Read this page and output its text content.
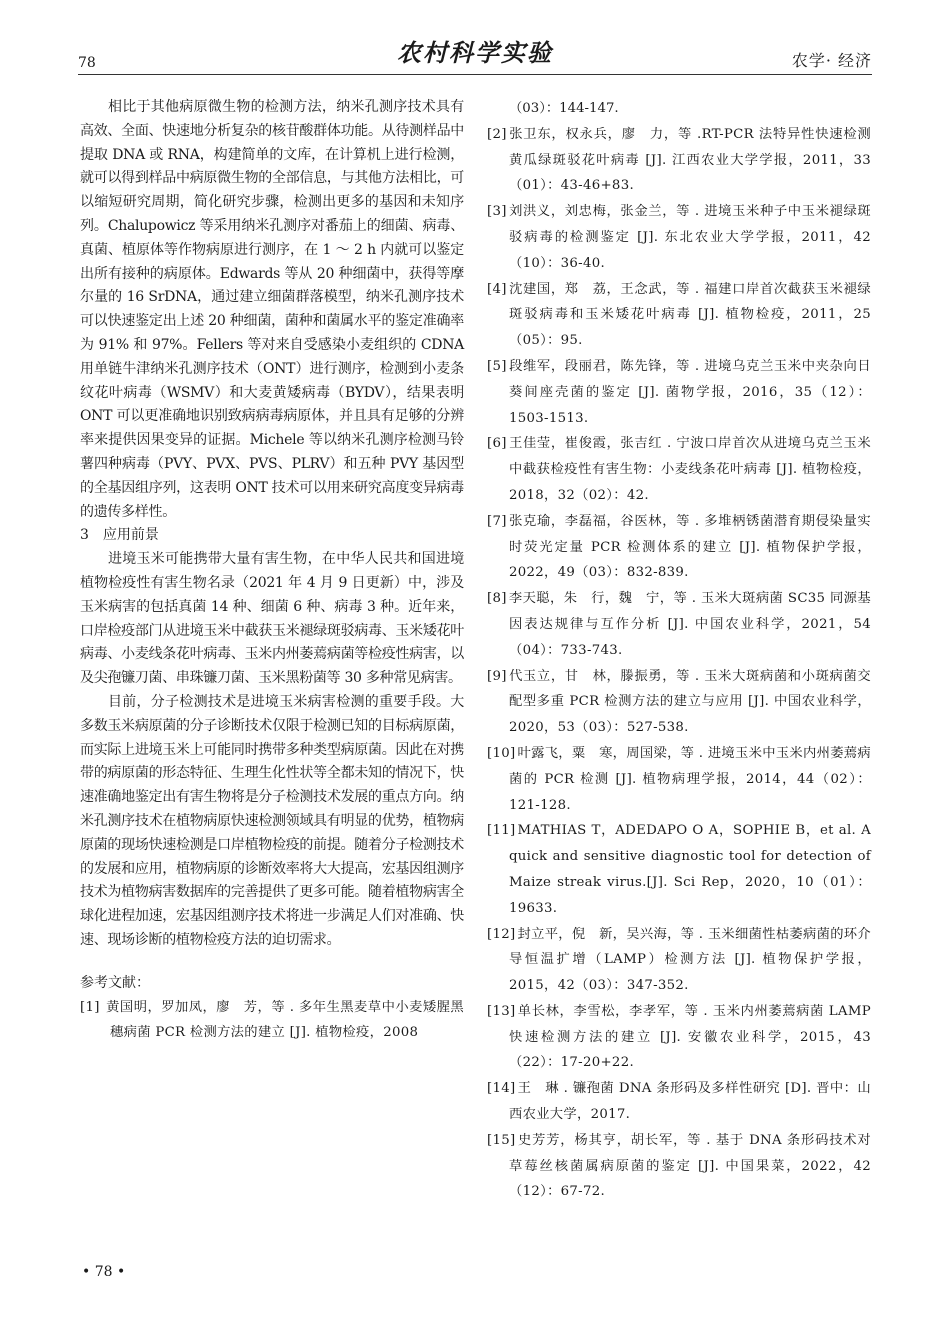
78	农村科学实验	农学· 经济

相比于其他病原微生物的检测方法，纳米孔测序技术具有高效、全面、快速地分析复杂的核苷酸群体功能。从待测样品中提取 DNA 或 RNA，构建简单的文库，在计算机上进行检测，就可以得到样品中病原微生物的全部信息，与其他方法相比，可以缩短研究周期，简化研究步骤，检测出更多的基因和未知序列。Chalupowicz 等采用纳米孔测序对番茄上的细菌、病毒、真菌、植原体等作物病原进行测序，在 1 ～ 2 h 内就可以鉴定出所有接种的病原体。Edwards 等从 20 种细菌中，获得等摩尔量的 16 SrDNA，通过建立细菌群落模型，纳米孔测序技术可以快速鉴定出上述 20 种细菌，菌种和菌属水平的鉴定准确率为 91% 和 97%。Fellers 等对来自受感染小麦组织的 CDNA 用单链牛津纳米孔测序技术（ONT）进行测序，检测到小麦条纹花叶病毒（WSMV）和大麦黄矮病毒（BYDV），结果表明 ONT 可以更准确地识别致病病毒病原体，并且具有足够的分辨率来提供因果变异的证据。Michele 等以纳米孔测序检测马铃薯四种病毒（PVY、PVX、PVS、PLRV）和五种 PVY 基因型的全基因组序列，这表明 ONT 技术可以用来研究高度变异病毒的遗传多样性。

3　应用前景

进境玉米可能携带大量有害生物，在中华人民共和国进境植物检疫性有害生物名录（2021 年 4 月 9 日更新）中，涉及玉米病害的包括真菌 14 种、细菌 6 种、病毒 3 种。近年来，口岸检疫部门从进境玉米中截获玉米褪绿斑驳病毒、玉米矮花叶病毒、小麦线条花叶病毒、玉米内州萎蔫病菌等检疫性病害，以及尖孢镰刀菌、串珠镰刀菌、玉米黑粉菌等 30 多种常见病害。

目前，分子检测技术是进境玉米病害检测的重要手段。大多数玉米病原菌的分子诊断技术仅限于检测已知的目标病原菌，而实际上进境玉米上可能同时携带多种类型病原菌。因此在对携带的病原菌的形态特征、生理生化性状等全都未知的情况下，快速准确地鉴定出有害生物将是分子检测技术发展的重点方向。纳米孔测序技术在植物病原快速检测领域具有明显的优势，植物病原菌的现场快速检测是口岸植物检疫的前提。随着分子检测技术的发展和应用，植物病原的诊断效率将大大提高，宏基因组测序技术为植物病害数据库的完善提供了更多可能。随着植物病害全球化进程加速，宏基因组测序技术将进一步满足人们对准确、快速、现场诊断的植物检疫方法的迫切需求。

参考文献：

[1] 黄国明，罗加凤，廖　芳，等 . 多年生黑麦草中小麦矮腥黑穗病菌 PCR 检测方法的建立 [J]. 植物检疫，2008

（03）：144-147.

[2] 张卫东，权永兵，廖　力，等 .RT-PCR 法特异性快速检测黄瓜绿斑驳花叶病毒 [J]. 江西农业大学学报，2011，33（01）：43-46+83.

[3] 刘洪义，刘忠梅，张金兰，等 . 进境玉米种子中玉米褪绿斑驳病毒的检测鉴定 [J]. 东北农业大学学报，2011，42（10）：36-40.

[4] 沈建国，郑　荔，王念武，等 . 福建口岸首次截获玉米褪绿斑驳病毒和玉米矮花叶病毒 [J]. 植物检疫，2011，25（05）：95.

[5] 段维军，段丽君，陈先锋，等 . 进境乌克兰玉米中夹杂向日葵间座壳菌的鉴定 [J]. 菌物学报，2016，35（12）：1503-1513.

[6] 王佳莹，崔俊霞，张吉红 . 宁波口岸首次从进境乌克兰玉米中截获检疫性有害生物：小麦线条花叶病毒 [J]. 植物检疫，2018，32（02）：42.

[7] 张克瑜，李磊福，谷医林，等 . 多堆柄锈菌潜育期侵染量实时荧光定量 PCR 检测体系的建立 [J]. 植物保护学报，2022，49（03）：832-839.

[8] 李天聪，朱　行，魏　宁，等 . 玉米大斑病菌 SC35 同源基因表达规律与互作分析 [J]. 中国农业科学，2021，54（04）：733-743.

[9] 代玉立，甘　林，滕振勇，等 . 玉米大斑病菌和小斑病菌交配型多重 PCR 检测方法的建立与应用 [J]. 中国农业科学，2020，53（03）：527-538.

[10] 叶露飞，粟　寒，周国梁，等 . 进境玉米中玉米内州萎蔫病菌的 PCR 检测 [J]. 植物病理学报，2014，44（02）：121-128.

[11] MATHIAS T，ADEDAPO O A，SOPHIE B，et al. A quick and sensitive diagnostic tool for detection of Maize streak virus.[J]. Sci Rep，2020，10（01）：19633.

[12] 封立平，倪　新，吴兴海，等 . 玉米细菌性枯萎病菌的环介导恒温扩增（LAMP）检测方法 [J]. 植物保护学报，2015，42（03）：347-352.

[13] 单长林，李雪松，李孝军，等 . 玉米内州萎蔫病菌 LAMP 快速检测方法的建立 [J]. 安徽农业科学，2015，43（22）：17-20+22.

[14] 王　琳 . 镰孢菌 DNA 条形码及多样性研究 [D]. 晋中：山西农业大学，2017.

[15] 史芳芳，杨其亨，胡长军，等 . 基于 DNA 条形码技术对草莓丝核菌属病原菌的鉴定 [J]. 中国果菜，2022，42（12）：67-72.

• 78 •
